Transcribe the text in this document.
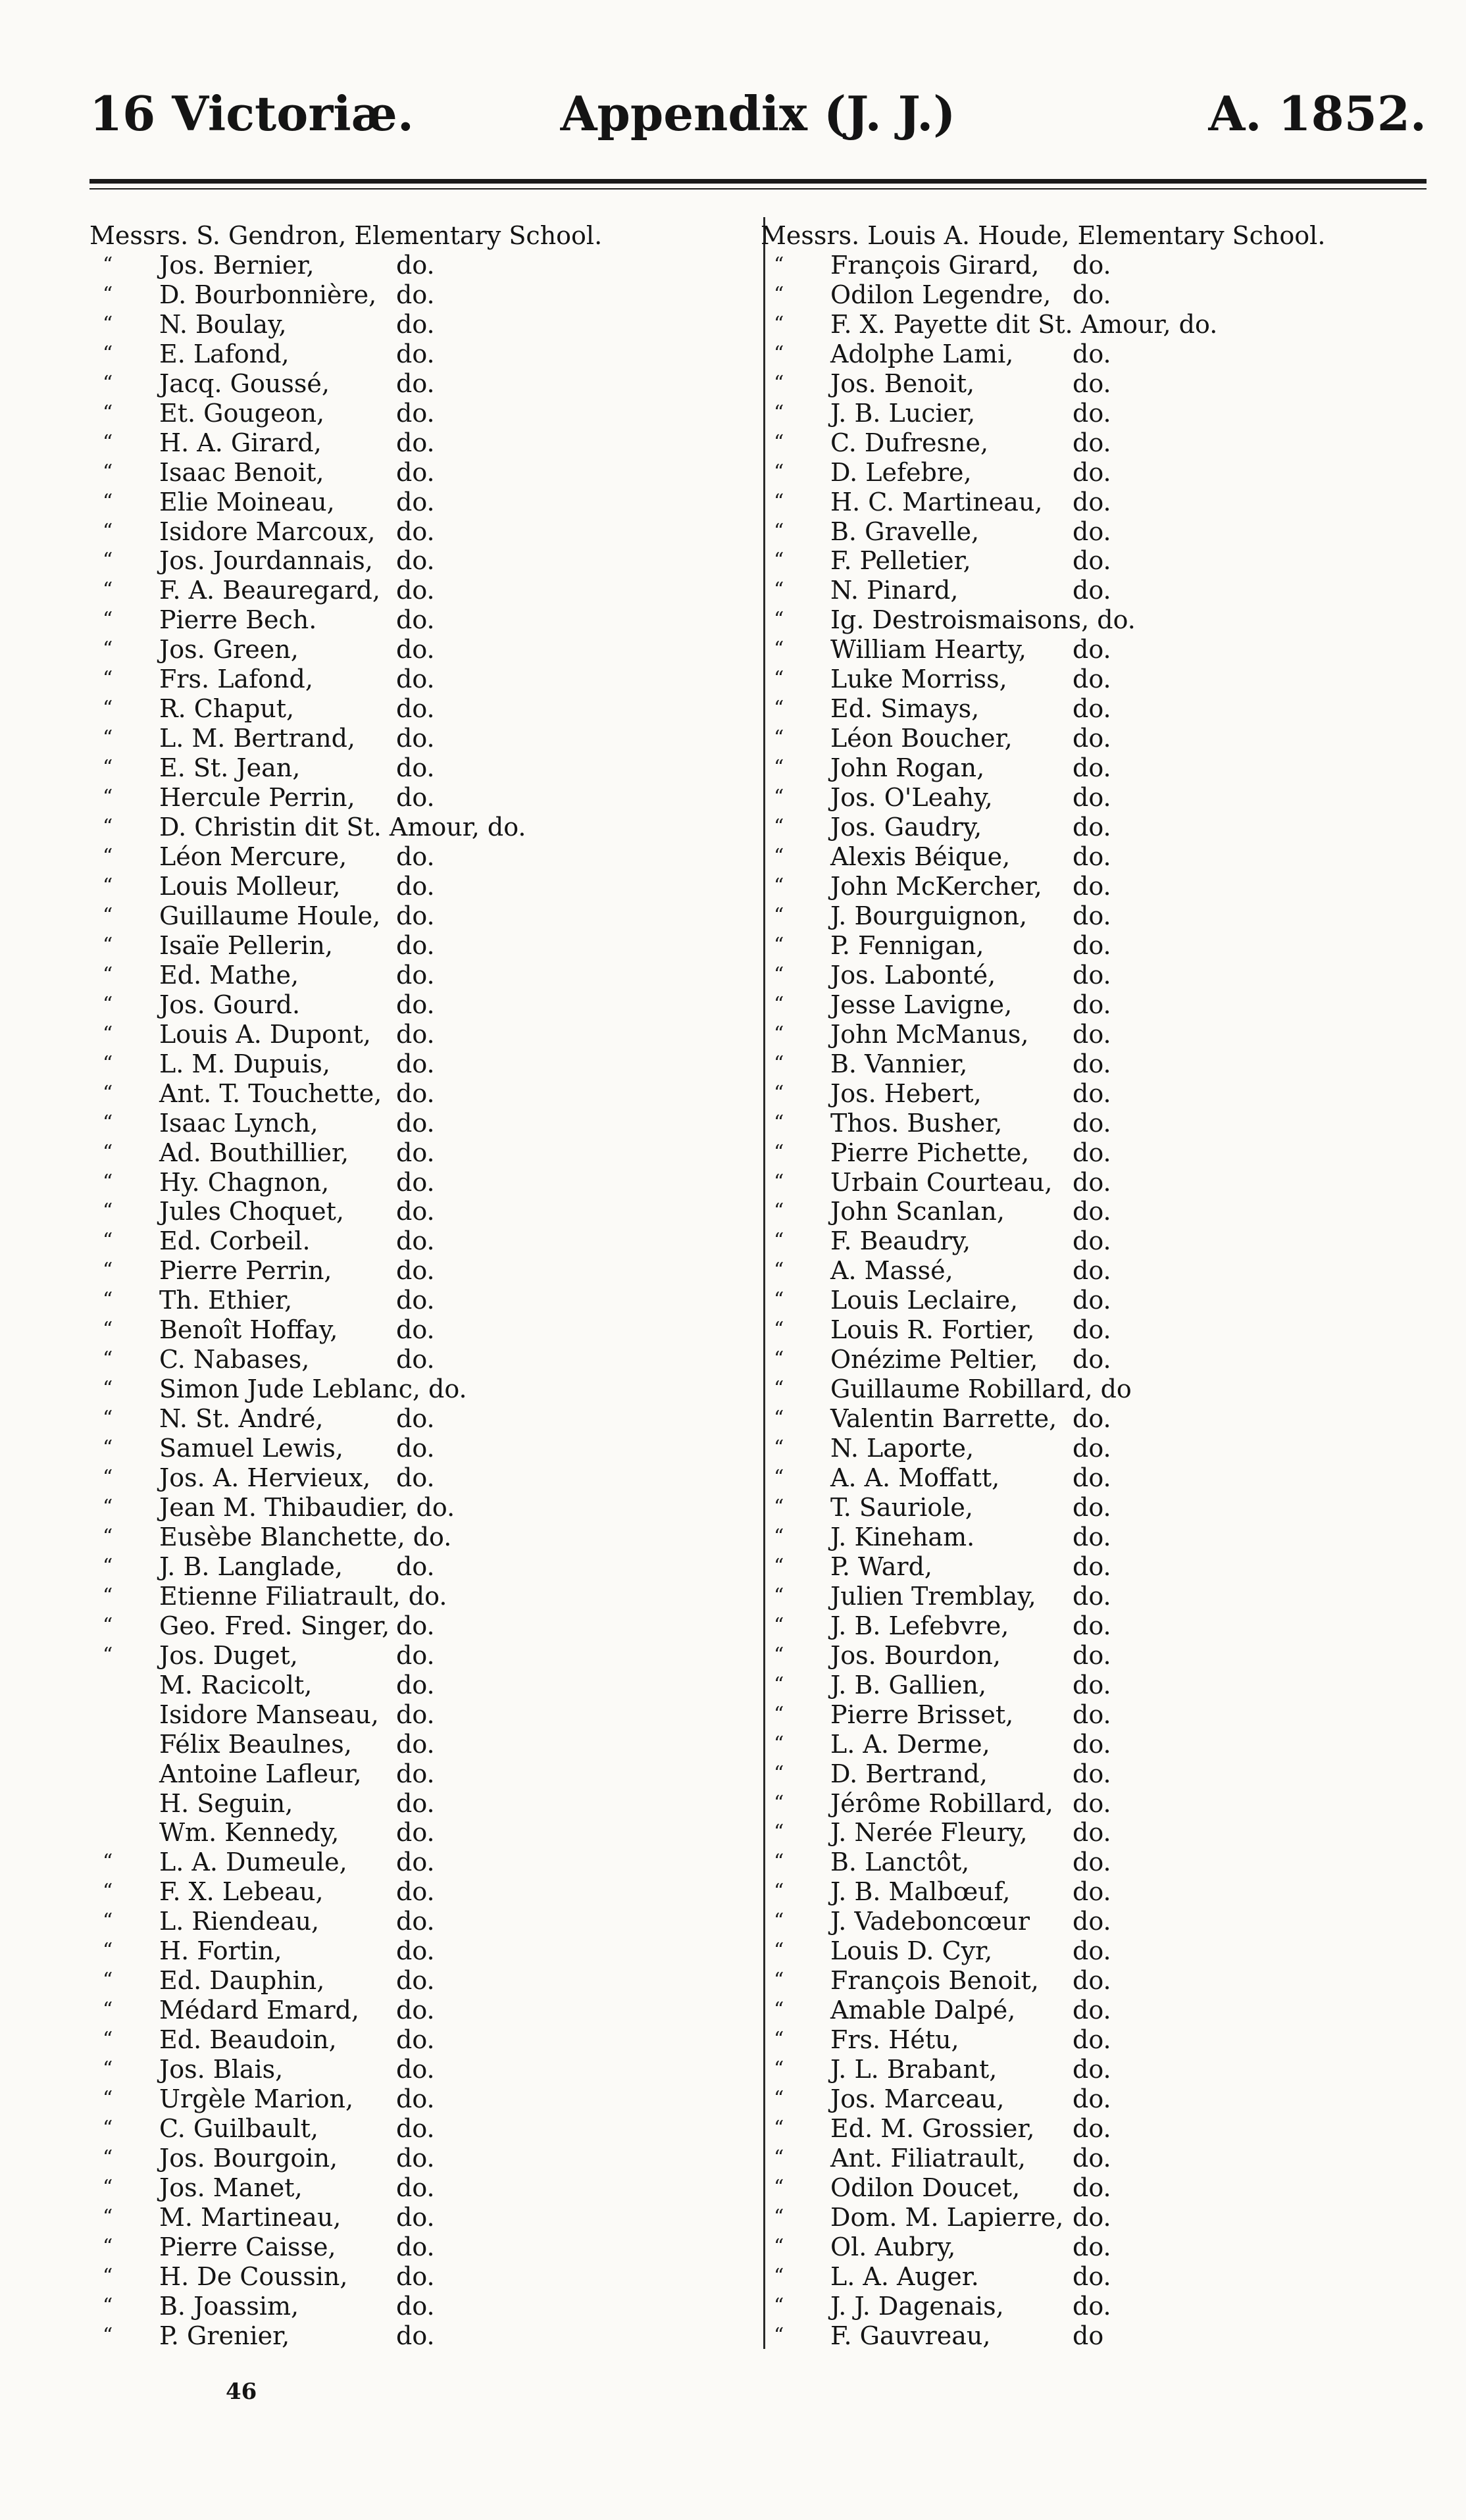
Appendix (J. J.)
16 Victoriæ.	A. 1852.
Messrs. S. Gendron, Elementary School.
“	Jos. Bernier,	do.
“	D. Bourbonnière, do.
“	N. Boulay,	do.
“	E. Lafond,	do.
“	Jacq. Goussé,	do.
“	Et. Gougeon,	do.
“	H. A. Girard,	do.
“	Isaac Benoit,	do.
“	Elie Moineau, do.
“	Isidore Marcoux, do.
“	Jos. Jourdannais, do.
“	F. A. Beauregard, do.
“	Pierre Bech.	do.
“	Jos. Green,	do.
“	Frs. Lafond,	do.
“	R. Chaput,	do.
“	L. M. Bertrand, do.
“	E. St. Jean,	do.
“	Hercule Perrin, do.
“	D. Christin dit St. Amour, do.
“	Léon Mercure, do.
“	Louis Molleur, do.
“	Guillaume Houle, do.
“	Isaïe Pellerin,	do.
“	Ed. Mathe,	do.
“	Jos. Gourd.	do.
“	Louis A. Dupont, do.
“	L. M. Dupuis,	do.
“	Ant. T. Touchette, do.
“	Isaac Lynch,	do.
“	Ad. Bouthillier, do.
“	Hy. Chagnon,	do.
“	Jules Choquet, do.
“	Ed. Corbeil.	do.
“	Pierre Perrin,	do.
“	Th. Ethier,	do.
“	Benoît Hoffay, do.
“	C. Nabases,	do.
“	Simon Jude Leblanc, do.
“	N. St. André,	do.
“	Samuel Lewis, do.
“	Jos. A. Hervieux, do.
“	Jean M. Thibaudier, do.
“	Eusèbe Blanchette, do.
“	J. B. Langlade, do.
“	Etienne Filiatrault, do.
“	Geo. Fred. Singer, do.
“	Jos. Duget,	do.
M. Racicolt,	do.
Isidore Manseau, do.
Félix Beaulnes, do.
Antoine Lafleur, do.
H. Seguin,	do.
Wm. Kennedy, do.
“	L. A. Dumeule, do.
“	F. X. Lebeau,	do.
“	L. Riendeau,	do.
“	H. Fortin,	do.
“	Ed. Dauphin,	do.
“	Médard Emard, do.
“	Ed. Beaudoin, do.
“	Jos. Blais,	do.
“	Urgèle Marion, do.
“	C. Guilbault,	do.
“	Jos. Bourgoin, do.
“	Jos. Manet,	do.
“	M. Martineau, do.
“	Pierre Caisse, do.
“	H. De Coussin, do.
“	B. Joassim,	do.
“	P. Grenier,	do.
Messrs. Louis A. Houde, Elementary School.
“	François Girard, do.
“	Odilon Legendre, do.
“	F. X. Payette dit St. Amour, do.
“	Adolphe Lami, do.
“	Jos. Benoit,	do.
“	J. B. Lucier,	do.
“	C. Dufresne,	do.
“	D. Lefebre,	do.
“	H. C. Martineau, do.
“	B. Gravelle,	do.
“	F. Pelletier,	do.
“	N. Pinard,	do.
“	Ig. Destroismaisons, do.
“	William Hearty, do.
“	Luke Morriss,	do.
“	Ed. Simays,	do.
“	Léon Boucher, do.
“	John Rogan,	do.
“	Jos. O'Leahy,	do.
“	Jos. Gaudry,	do.
“	Alexis Béique, do.
“	John McKercher, do.
“	J. Bourguignon, do.
“	P. Fennigan,	do.
“	Jos. Labonté,	do.
“	Jesse Lavigne, do.
“	John McManus, do.
“	B. Vannier,	do.
“	Jos. Hebert,	do.
“	Thos. Busher,	do.
“	Pierre Pichette, do.
“	Urbain Courteau, do.
“	John Scanlan,	do.
“	F. Beaudry,	do.
“	A. Massé,	do.
“	Louis Leclaire, do.
“	Louis R. Fortier, do.
“	Onézime Peltier, do.
“	Guillaume Robillard, do
“	Valentin Barrette, do.
“	N. Laporte,	do.
“	A. A. Moffatt,	do.
“	T. Sauriole,	do.
“	J. Kineham.	do.
“	P. Ward,	do.
“	Julien Tremblay, do.
“	J. B. Lefebvre,	do.
“	Jos. Bourdon,	do.
“	J. B. Gallien,	do.
“	Pierre Brisset, do.
“	L. A. Derme,	do.
“	D. Bertrand,	do.
“	Jérôme Robillard, do.
“	J. Nerée Fleury, do.
“	B. Lanctôt,	do.
“	J. B. Malbœuf, do.
“	J. Vadeboncœur do.
“	Louis D. Cyr,	do.
“	François Benoit, do.
“	Amable Dalpé, do.
“	Frs. Hétu,	do.
“	J. L. Brabant,	do.
“	Jos. Marceau,	do.
“	Ed. M. Grossier, do.
“	Ant. Filiatrault, do.
“	Odilon Doucet, do.
“	Dom. M. Lapierre, do.
“	Ol. Aubry,	do.
“	L. A. Auger.	do.
“	J. J. Dagenais,	do.
“	F. Gauvreau,	do
46
